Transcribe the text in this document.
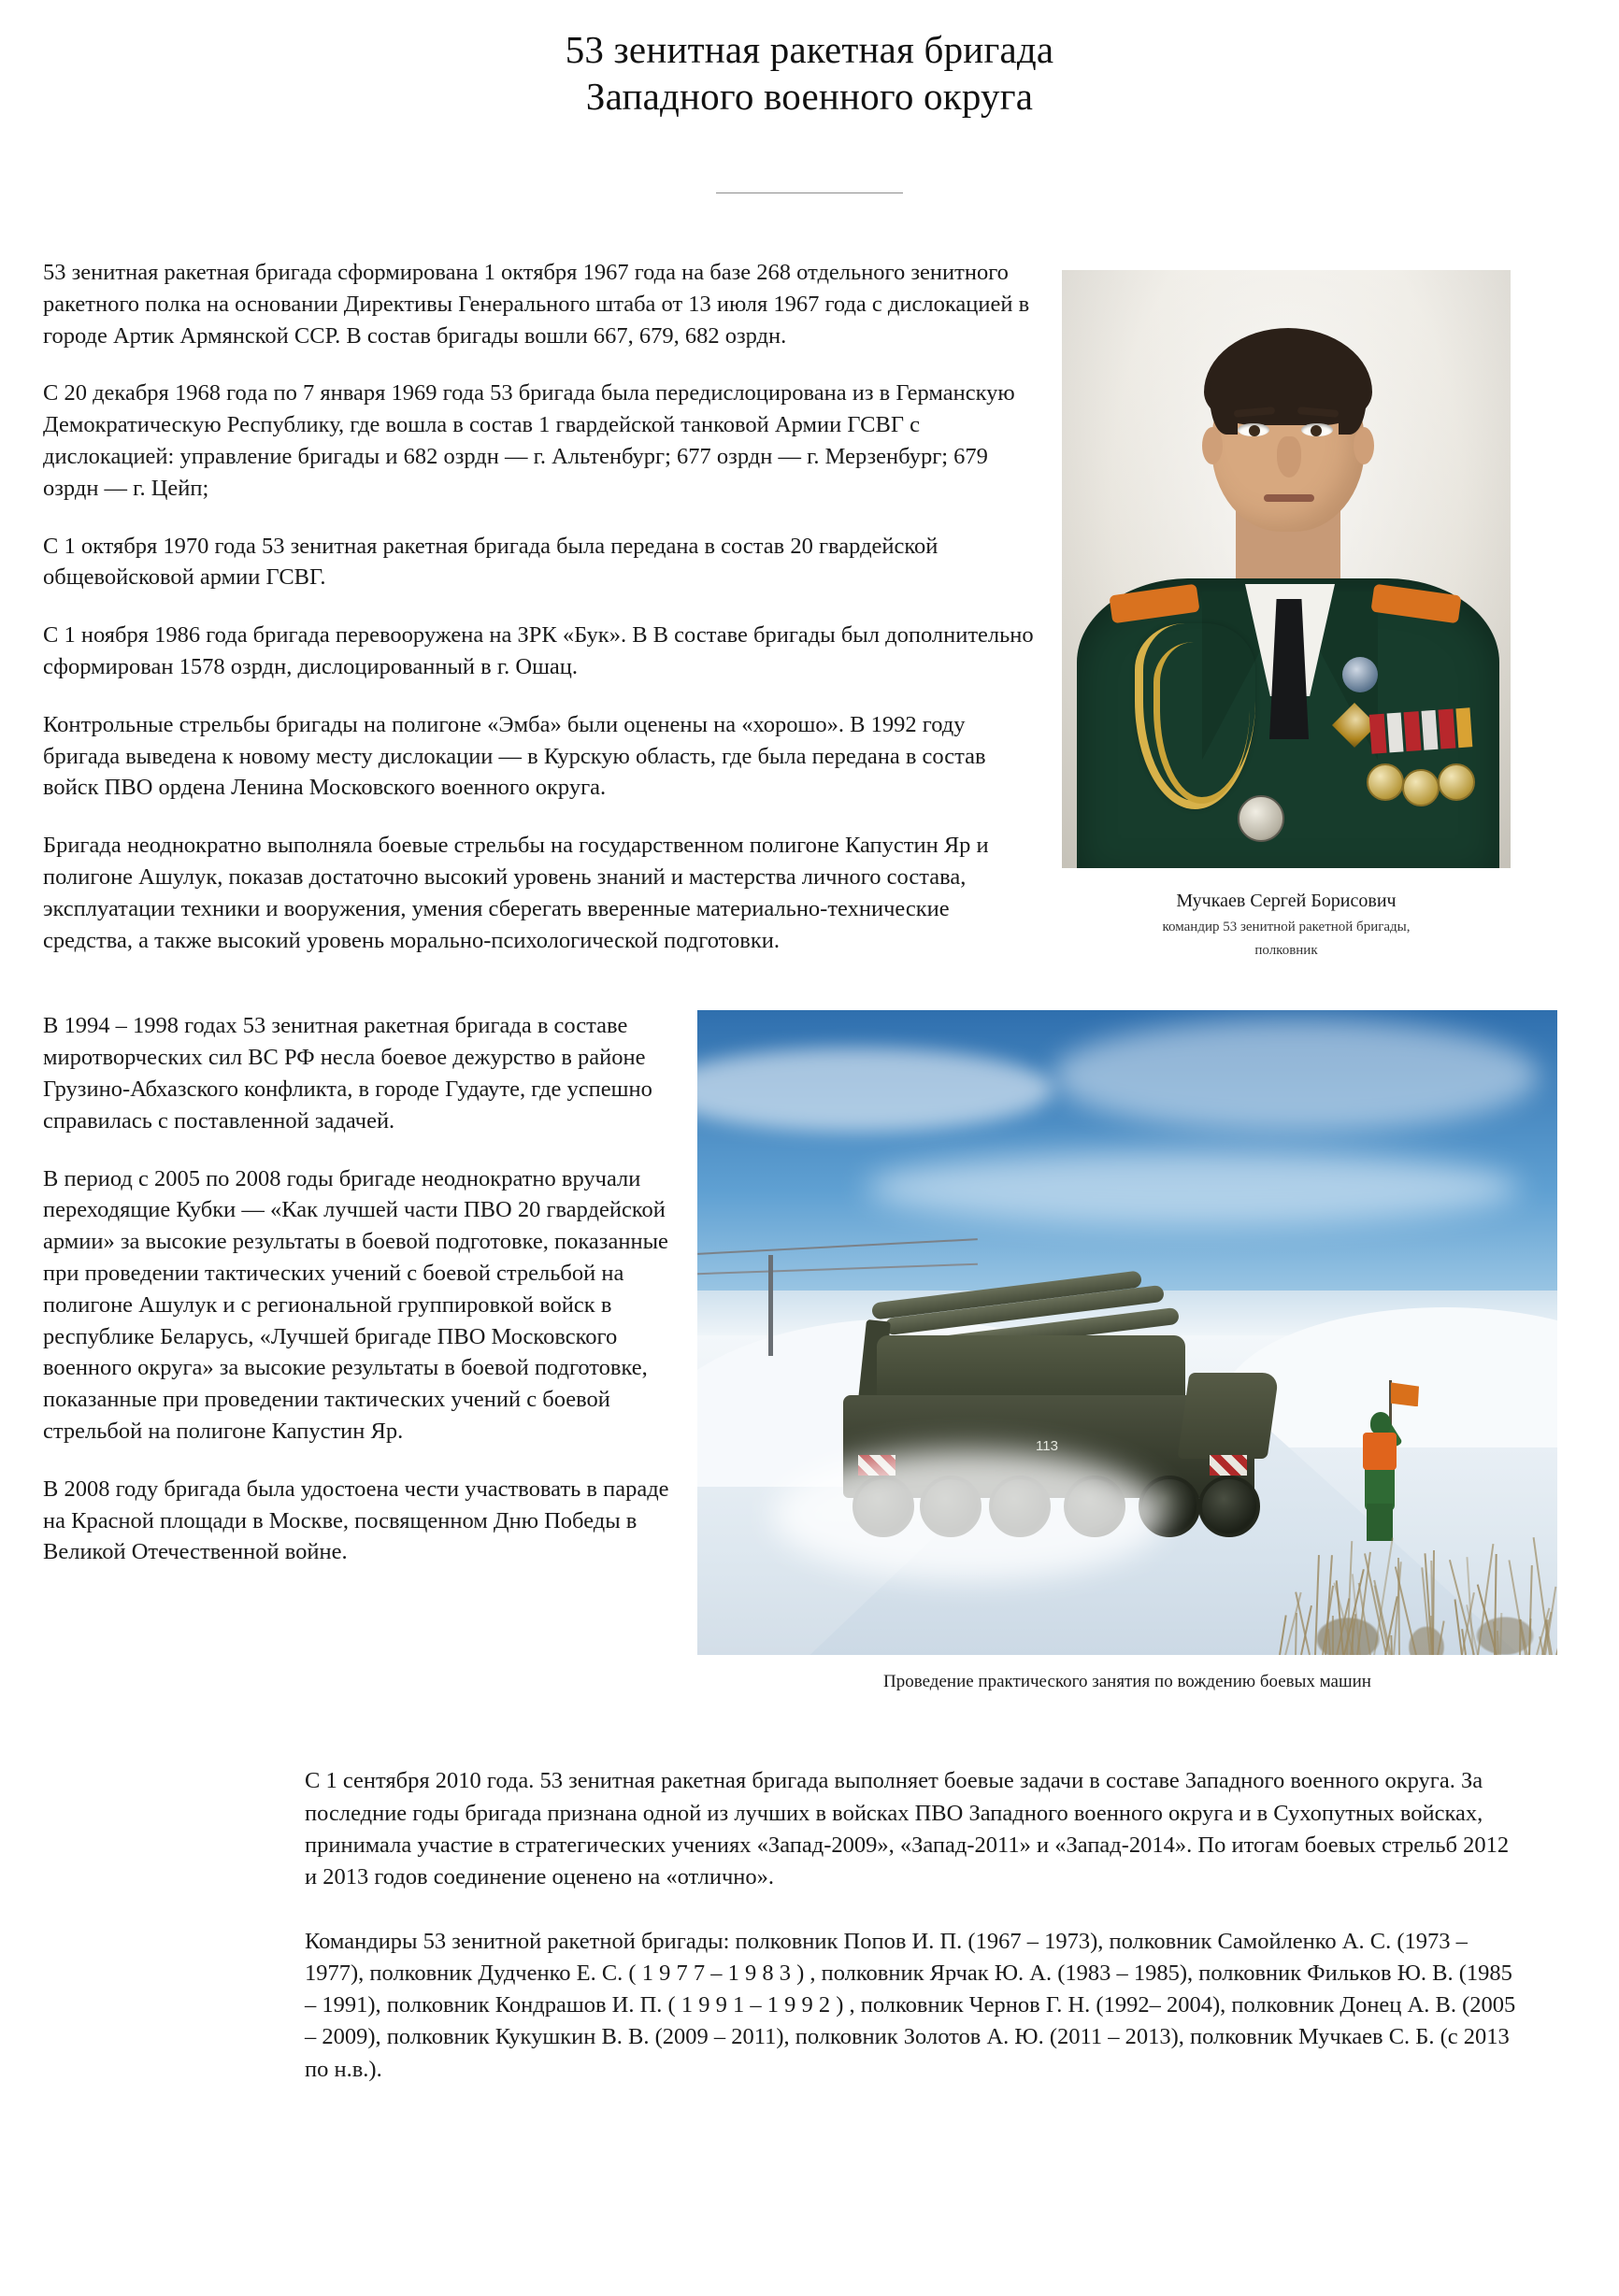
53 зенитная ракетная бригада
Западного военного округа

53 зенитная ракетная бригада сформирована 1 октября 1967 года на базе 268 отдельного зенитного ракетного полка на основании Директивы Генерального штаба от 13 июля 1967 года с дислокацией в городе Артик Армянской ССР. В состав бригады вошли 667, 679, 682 озрдн.

С 20 декабря 1968 года по 7 января 1969 года 53 бригада была передислоцирована из в Германскую Демократическую Республику, где вошла в состав 1 гвардейской танковой Армии ГСВГ с дислокацией: управление бригады и 682 озрдн — г. Альтенбург; 677 озрдн — г. Мерзенбург; 679 озрдн — г. Цейп;

С 1 октября 1970 года 53 зенитная ракетная бригада была передана в состав 20 гвардейской общевойсковой армии ГСВГ.

С 1 ноября 1986 года бригада перевооружена на ЗРК «Бук». В В составе бригады был дополнительно сформирован 1578 озрдн, дислоцированный в г. Ошац.

Контрольные стрельбы бригады на полигоне «Эмба» были оценены на «хорошо». В 1992 году бригада выведена к новому месту дислокации — в Курскую область, где была передана в состав войск ПВО ордена Ленина Московского военного округа.

Бригада неоднократно выполняла боевые стрельбы на государственном полигоне Капустин Яр и полигоне Ашулук, показав достаточно высокий уровень знаний и мастерства личного состава, эксплуатации техники и вооружения, умения сберегать вверенные материально-технические средства, а также высокий уровень морально-психологической подготовки.

Мучкаев Сергей Борисович
командир 53 зенитной ракетной бригады,
полковник

В 1994 – 1998 годах 53 зенитная ракетная бригада в составе миротворческих сил ВС РФ несла боевое дежурство в районе Грузино-Абхазского конфликта, в городе Гудауте, где успешно справилась с поставленной задачей.

В период с 2005 по 2008 годы бригаде неоднократно вручали переходящие Кубки — «Как лучшей части ПВО 20 гвардейской армии» за высокие результаты в боевой подготовке, показанные при проведении тактических учений с боевой стрельбой на полигоне Ашулук и с региональной группировкой войск в республике Беларусь, «Лучшей бригаде ПВО Московского военного округа» за высокие результаты в боевой подготовке, показанные при проведении тактических учений с боевой стрельбой на полигоне Капустин Яр.

В 2008 году бригада была удостоена чести участвовать в параде на Красной площади в Москве, посвященном Дню Победы в Великой Отечественной войне.

113
Проведение практического занятия по вождению боевых машин

С 1 сентября 2010 года. 53 зенитная ракетная бригада выполняет боевые задачи в составе Западного военного округа. За последние годы бригада признана одной из лучших в войсках ПВО Западного военного округа и в Сухопутных войсках, принимала участие в стратегических учениях «Запад-2009», «Запад-2011» и «Запад-2014». По итогам боевых стрельб 2012 и 2013 годов соединение оценено на «отлично».

Командиры 53 зенитной ракетной бригады: полковник Попов И. П. (1967 – 1973), полковник Самойленко А. С. (1973 – 1977), полковник Дудченко Е. С. ( 1 9 7 7 – 1 9 8 3 ) , полковник Ярчак Ю. А. (1983 – 1985), полковник Фильков Ю. В. (1985 – 1991), полковник Кондрашов И. П. ( 1 9 9 1 – 1 9 9 2 ) , полковник Чернов Г. Н. (1992– 2004), полковник Донец А. В. (2005 – 2009), полковник Кукушкин В. В. (2009 – 2011), полковник Золотов А. Ю. (2011 – 2013), полковник Мучкаев С. Б. (с 2013 по н.в.).
